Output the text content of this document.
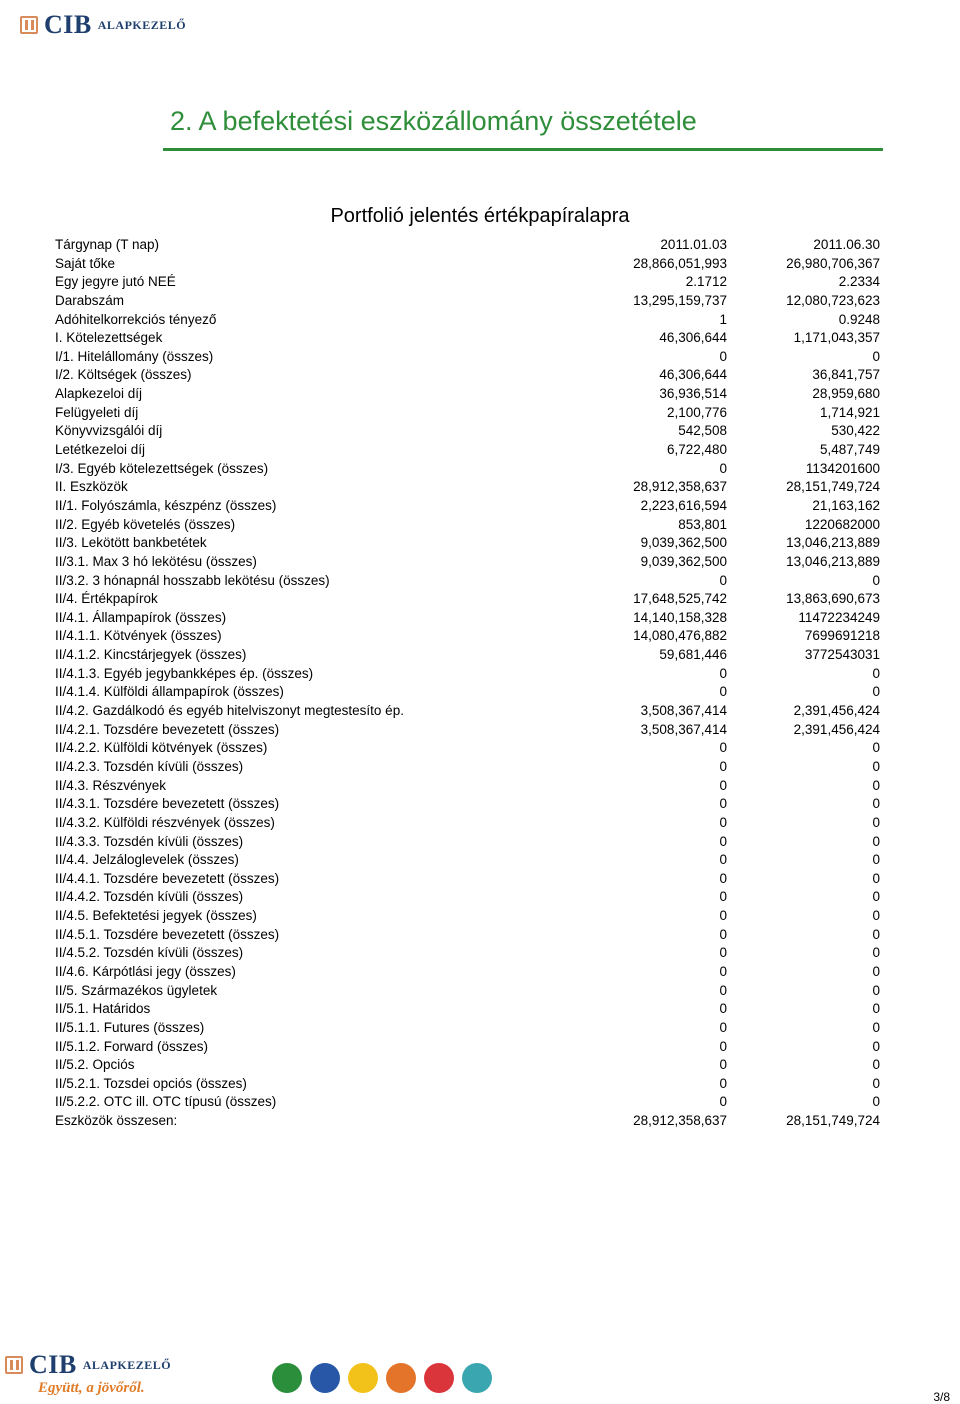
CIB ALAPKEZELŐ
2. A befektetési eszközállomány összetétele
Portfolió jelentés értékpapíralapra
Tárgynap (T nap)	2011.01.03	2011.06.30
Saját tőke	28,866,051,993	26,980,706,367
Egy jegyre jutó NEÉ	2.1712	2.2334
Darabszám	13,295,159,737	12,080,723,623
Adóhitelkorrekciós tényező	1	0.9248
I. Kötelezettségek	46,306,644	1,171,043,357
I/1. Hitelállomány (összes)	0	0
I/2. Költségek (összes)	46,306,644	36,841,757
Alapkezeloi díj	36,936,514	28,959,680
Felügyeleti díj	2,100,776	1,714,921
Könyvvizsgálói díj	542,508	530,422
Letétkezeloi díj	6,722,480	5,487,749
I/3. Egyéb kötelezettségek (összes)	0	1134201600
II. Eszközök	28,912,358,637	28,151,749,724
II/1. Folyószámla, készpénz (összes)	2,223,616,594	21,163,162
II/2. Egyéb követelés (összes)	853,801	1220682000
II/3. Lekötött bankbetétek	9,039,362,500	13,046,213,889
II/3.1. Max 3 hó lekötésu (összes)	9,039,362,500	13,046,213,889
II/3.2. 3 hónapnál hosszabb lekötésu (összes)	0	0
II/4. Értékpapírok	17,648,525,742	13,863,690,673
II/4.1. Állampapírok (összes)	14,140,158,328	11472234249
II/4.1.1. Kötvények (összes)	14,080,476,882	7699691218
II/4.1.2. Kincstárjegyek (összes)	59,681,446	3772543031
II/4.1.3. Egyéb jegybankképes ép. (összes)	0	0
II/4.1.4. Külföldi állampapírok (összes)	0	0
II/4.2. Gazdálkodó és egyéb hitelviszonyt megtestesíto ép.	3,508,367,414	2,391,456,424
II/4.2.1. Tozsdére bevezetett (összes)	3,508,367,414	2,391,456,424
II/4.2.2. Külföldi kötvények (összes)	0	0
II/4.2.3. Tozsdén kívüli (összes)	0	0
II/4.3. Részvények	0	0
II/4.3.1. Tozsdére bevezetett (összes)	0	0
II/4.3.2. Külföldi részvények (összes)	0	0
II/4.3.3. Tozsdén kívüli (összes)	0	0
II/4.4. Jelzáloglevelek (összes)	0	0
II/4.4.1. Tozsdére bevezetett (összes)	0	0
II/4.4.2. Tozsdén kívüli (összes)	0	0
II/4.5. Befektetési jegyek (összes)	0	0
II/4.5.1. Tozsdére bevezetett (összes)	0	0
II/4.5.2. Tozsdén kívüli (összes)	0	0
II/4.6. Kárpótlási jegy (összes)	0	0
II/5. Származékos ügyletek	0	0
II/5.1. Határidos	0	0
II/5.1.1. Futures (összes)	0	0
II/5.1.2. Forward (összes)	0	0
II/5.2. Opciós	0	0
II/5.2.1. Tozsdei opciós (összes)	0	0
II/5.2.2. OTC ill. OTC típusú (összes)	0	0
Eszközök összesen:	28,912,358,637	28,151,749,724
CIB ALAPKEZELŐ
Együtt, a jövőről.
3/8
